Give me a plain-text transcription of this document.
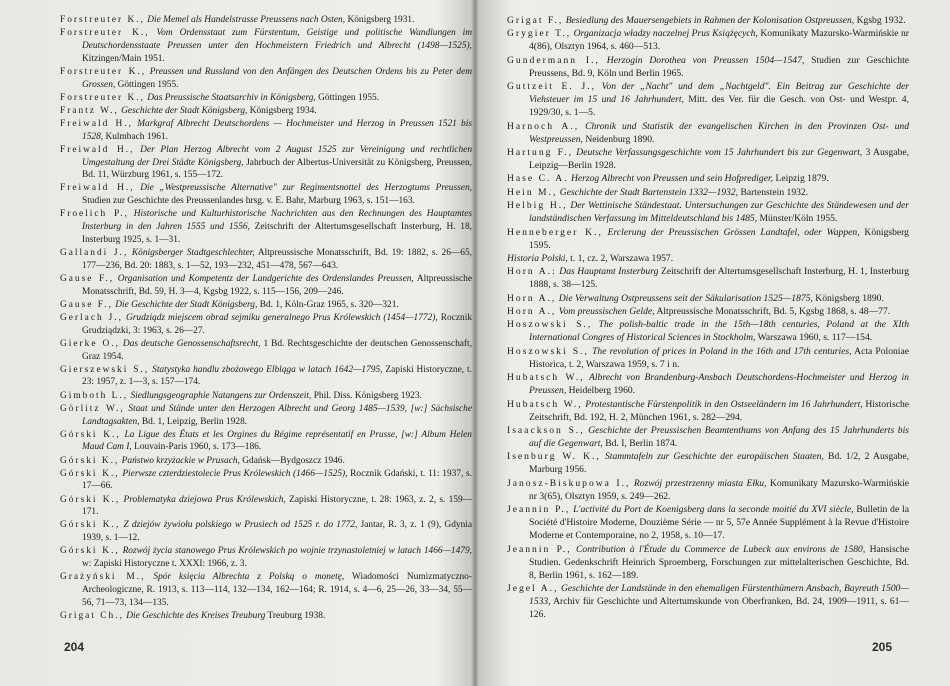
Forstreuter K., Die Memel als Handelstrasse Preussens nach Osten, Königsberg 1931.

Forstreuter K., Vom Ordensstaat zum Fürstentum, Geistige und politische Wandlungen im Deutschordensstaate Preussen unter den Hochmeistern Friedrich und Albrecht (1498—1525), Kitzingen/Main 1951.

Forstreuter K., Preussen und Russland von den Anfängen des Deutschen Ordens bis zu Peter dem Grossen, Göttingen 1955.

Forstreuter K., Das Preussische Staatsarchiv in Königsberg, Göttingen 1955.

Frantz W., Geschichte der Stadt Königsberg, Königsberg 1934.

Freiwald H., Markgraf Albrecht Deutschordens — Hochmeister und Herzog in Preussen 1521 bis 1528, Kulmbach 1961.

Freiwald H., Der Plan Herzog Albrecht vom 2 August 1525 zur Vereinigung und rechtlichen Umgestaltung der Drei Städte Königsberg, Jahrbuch der Albertus-Universität zu Königsberg, Preussen, Bd. 11, Würzburg 1961, s. 155—172.

Freiwald H., Die „Westpreussische Alternative" zur Regimentsnottel des Herzogtums Preussen, Studien zur Geschichte des Preussenlandes hrsg. v. E. Bahr, Marburg 1963, s. 151—163.

Froelich P., Historische und Kulturhistorische Nachrichten aus den Rechnungen des Hauptamtes Insterburg in den Jahren 1555 und 1556, Zeitschrift der Altertumsgesellschaft Insterburg, H. 18, Insterburg 1925, s. 1—31.

Gallandi J., Königsberger Stadtgeschlechter, Altpreussische Monatsschrift, Bd. 19: 1882, s. 26—65, 177—236, Bd. 20: 1883, s. 1—52, 193—232, 451—478, 567—643.

Gause F., Organisation und Kompetentz der Landgerichte des Ordenslandes Preussen, Altpreussische Monatsschrift, Bd. 59, H. 3—4, Kgsbg 1922, s. 115—156, 209—246.

Gause F., Die Geschichte der Stadt Königsberg, Bd. 1, Köln-Graz 1965, s. 320—321.

Gerlach J., Grudziądz miejscem obrad sejmiku generalnego Prus Królewskich (1454—1772), Rocznik Grudziądzki, 3: 1963, s. 26—27.

Gierke O., Das deutsche Genossenschaftsrecht, 1 Bd. Rechtsgeschichte der deutschen Genossenschaft, Graz 1954.

Gierszewski S., Statystyka handlu zbożowego Elbląga w latach 1642—1795, Zapiski Historyczne, t. 23: 1957, z. 1—3, s. 157—174.

Gimboth L., Siedlungsgeographie Natangens zur Ordenszeit, Phil. Diss. Königsberg 1923.

Görlitz W., Staat und Stände unter den Herzogen Albrecht und Georg 1485—1539, [w:] Sächsische Landtagsakten, Bd. 1, Leipzig, Berlin 1928.

Górski K., La Ligue des États et les Orgines du Régime représentatif en Prusse, [w:] Album Helen Maud Cam I, Louvain-Paris 1960, s. 173—186.

Górski K., Państwo krzyżackie w Prusach, Gdańsk—Bydgoszcz 1946.

Górski K., Pierwsze czterdziestolecie Prus Królewskich (1466—1525), Rocznik Gdański, t. 11: 1937, s. 17—66.

Górski K., Problematyka dziejowa Prus Królewskich, Zapiski Historyczne, t. 28: 1963, z. 2, s. 159—171.

Górski K., Z dziejów żywiołu polskiego w Prusiech od 1525 r. do 1772, Jantar, R. 3, z. 1 (9), Gdynia 1939, s. 1—12.

Górski K., Rozwój życia stanowego Prus Królewskich po wojnie trzynastoletniej w latach 1466—1479, w: Zapiski Historyczne t. XXXI: 1966, z. 3.

Grażyński M., Spór księcia Albrechta z Polską o monetę, Wiadomości Numizmatyczno-Archeologiczne, R. 1913, s. 113—114, 132—134, 162—164; R. 1914, s. 4—6, 25—26, 33—34, 55—56, 71—73, 134—135.

Grigat Ch., Die Geschichte des Kreises Treuburg Treuburg 1938.

204

Grigat F., Besiedlung des Mauersengebiets in Rahmen der Kolonisation Ostpreussen, Kgsbg 1932.

Grygier T., Organizacja władzy naczelnej Prus Książęcych, Komunikaty Mazursko-Warmińskie nr 4(86), Olsztyn 1964, s. 460—513.

Gundermann I., Herzogin Dorothea von Preussen 1504—1547, Studien zur Geschichte Preussens, Bd. 9, Köln und Berlin 1965.

Guttzeit E. J., Von der „Nacht" und dem „Nachtgeld". Ein Beitrag zur Geschichte der Viehsteuer im 15 und 16 Jahrhundert, Mitt. des Ver. für die Gesch. von Ost- und Westpr. 4, 1929/30, s. 1—5.

Harnoch A., Chronik und Statistik der evangelischen Kirchen in den Provinzen Ost- und Westpreussen, Neidenburg 1890.

Hartung F., Deutsche Verfassungsgeschichte vom 15 Jahrhundert bis zur Gegenwart, 3 Ausgabe, Leipzig—Berlin 1928.

Hase C. A. Herzog Albrecht von Preussen und sein Hofprediger, Leipzig 1879.

Hein M., Geschichte der Stadt Bartenstein 1332—1932, Bartenstein 1932.

Helbig H., Der Wettinische Ständestaat. Untersuchungen zur Geschichte des Ständewesen und der landständischen Verfassung im Mitteldeutschland bis 1485, Münster/Köln 1955.

Henneberger K., Erclerung der Preussischen Grössen Landtafel, oder Wappen, Königsberg 1595.

Historia Polski, t. 1, cz. 2, Warszawa 1957.

Horn A.: Das Hauptamt Insterburg Zeitschrift der Altertumsgesellschaft Insterburg, H. 1, Insterburg 1888, s. 38—125.

Horn A., Die Verwaltung Ostpreussens seit der Säkularisation 1525—1875, Königsberg 1890.

Horn A., Vom preussischen Gelde, Altpreussische Monatsschrift, Bd. 5, Kgsbg 1868, s. 48—77.

Hoszowski S., The polish-baltic trade in the 15th—18th centuries, Poland at the XIth International Congres of Historical Sciences in Stockholm, Warszawa 1960, s. 117—154.

Hoszowski S., The revolution of prices in Poland in the 16th and 17th centuries, Acta Poloniae Historica, t. 2, Warszawa 1959, s. 7 i n.

Hubatsch W., Albrecht von Brandenburg-Ansbach Deutschordens-Hochmeister und Herzog in Preussen, Heidelberg 1960.

Hubatsch W., Protestantische Fürstenpolitik in den Ostseeländern im 16 Jahrhundert, Historische Zeitschrift, Bd. 192, H. 2, München 1961, s. 282—294.

Isaackson S., Geschichte der Preussischen Beamtenthums von Anfang des 15 Jahrhunderts bis auf die Gegenwart, Bd. I, Berlin 1874.

Isenburg W. K., Stammtafeln zur Geschichte der europäischen Staaten, Bd. 1/2, 2 Ausgabe, Marburg 1956.

Janosz-Biskupowa I., Rozwój przestrzenny miasta Ełku, Komunikaty Mazursko-Warmińskie nr 3(65), Olsztyn 1959, s. 249—262.

Jeannin P., L'activité du Port de Koenigsberg dans la seconde moitié du XVI siècle, Bulletin de la Société d'Histoire Moderne, Douzième Série — nr 5, 57e Année Supplément à la Revue d'Histoire Moderne et Contemporaine, no 2, 1958, s. 10—17.

Jeannin P., Contribution à l'Étude du Commerce de Lubeck aux environs de 1580, Hansische Studien. Gedenkschrift Heinrich Sproemberg, Forschungen zur mittelalterischen Geschichte, Bd. 8, Berlin 1961, s. 162—189.

Jegel A., Geschichte der Landstände in den ehemaligen Fürstenthümern Ansbach, Bayreuth 1500—1533, Archiv für Geschichte und Altertumskunde von Oberfranken, Bd. 24, 1909—1911, s. 61—126.

205
